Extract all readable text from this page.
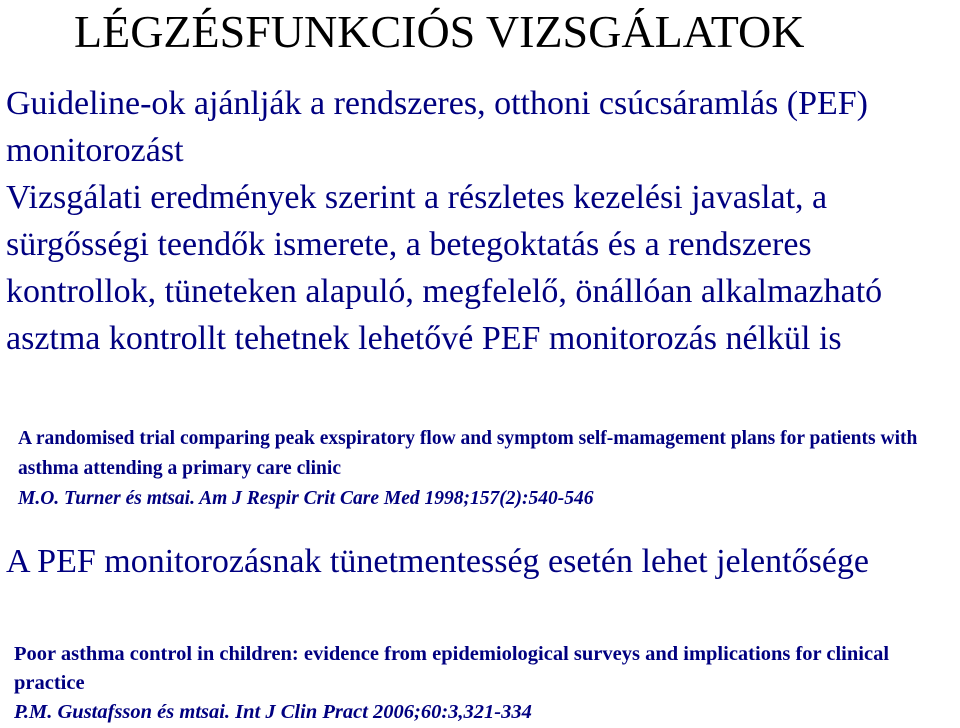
LÉGZÉSFUNKCIÓS VIZSGÁLATOK

Guideline-ok ajánlják a rendszeres, otthoni csúcsáramlás (PEF) monitorozást

Vizsgálati eredmények szerint a részletes kezelési javaslat, a sürgősségi teendők ismerete, a betegoktatás és a rendszeres kontrollok, tüneteken alapuló, megfelelő, önállóan alkalmazható asztma kontrollt tehetnek lehetővé PEF monitorozás nélkül is

A randomised trial comparing peak exspiratory flow and symptom self-mamagement plans for patients with asthma attending a primary care clinic
M.O. Turner és mtsai. Am J Respir Crit Care Med 1998;157(2):540-546

A PEF monitorozásnak tünetmentesség esetén lehet jelentősége

Poor asthma control in children: evidence from epidemiological surveys and implications for clinical practice
P.M. Gustafsson és mtsai. Int J Clin Pract 2006;60:3,321-334
